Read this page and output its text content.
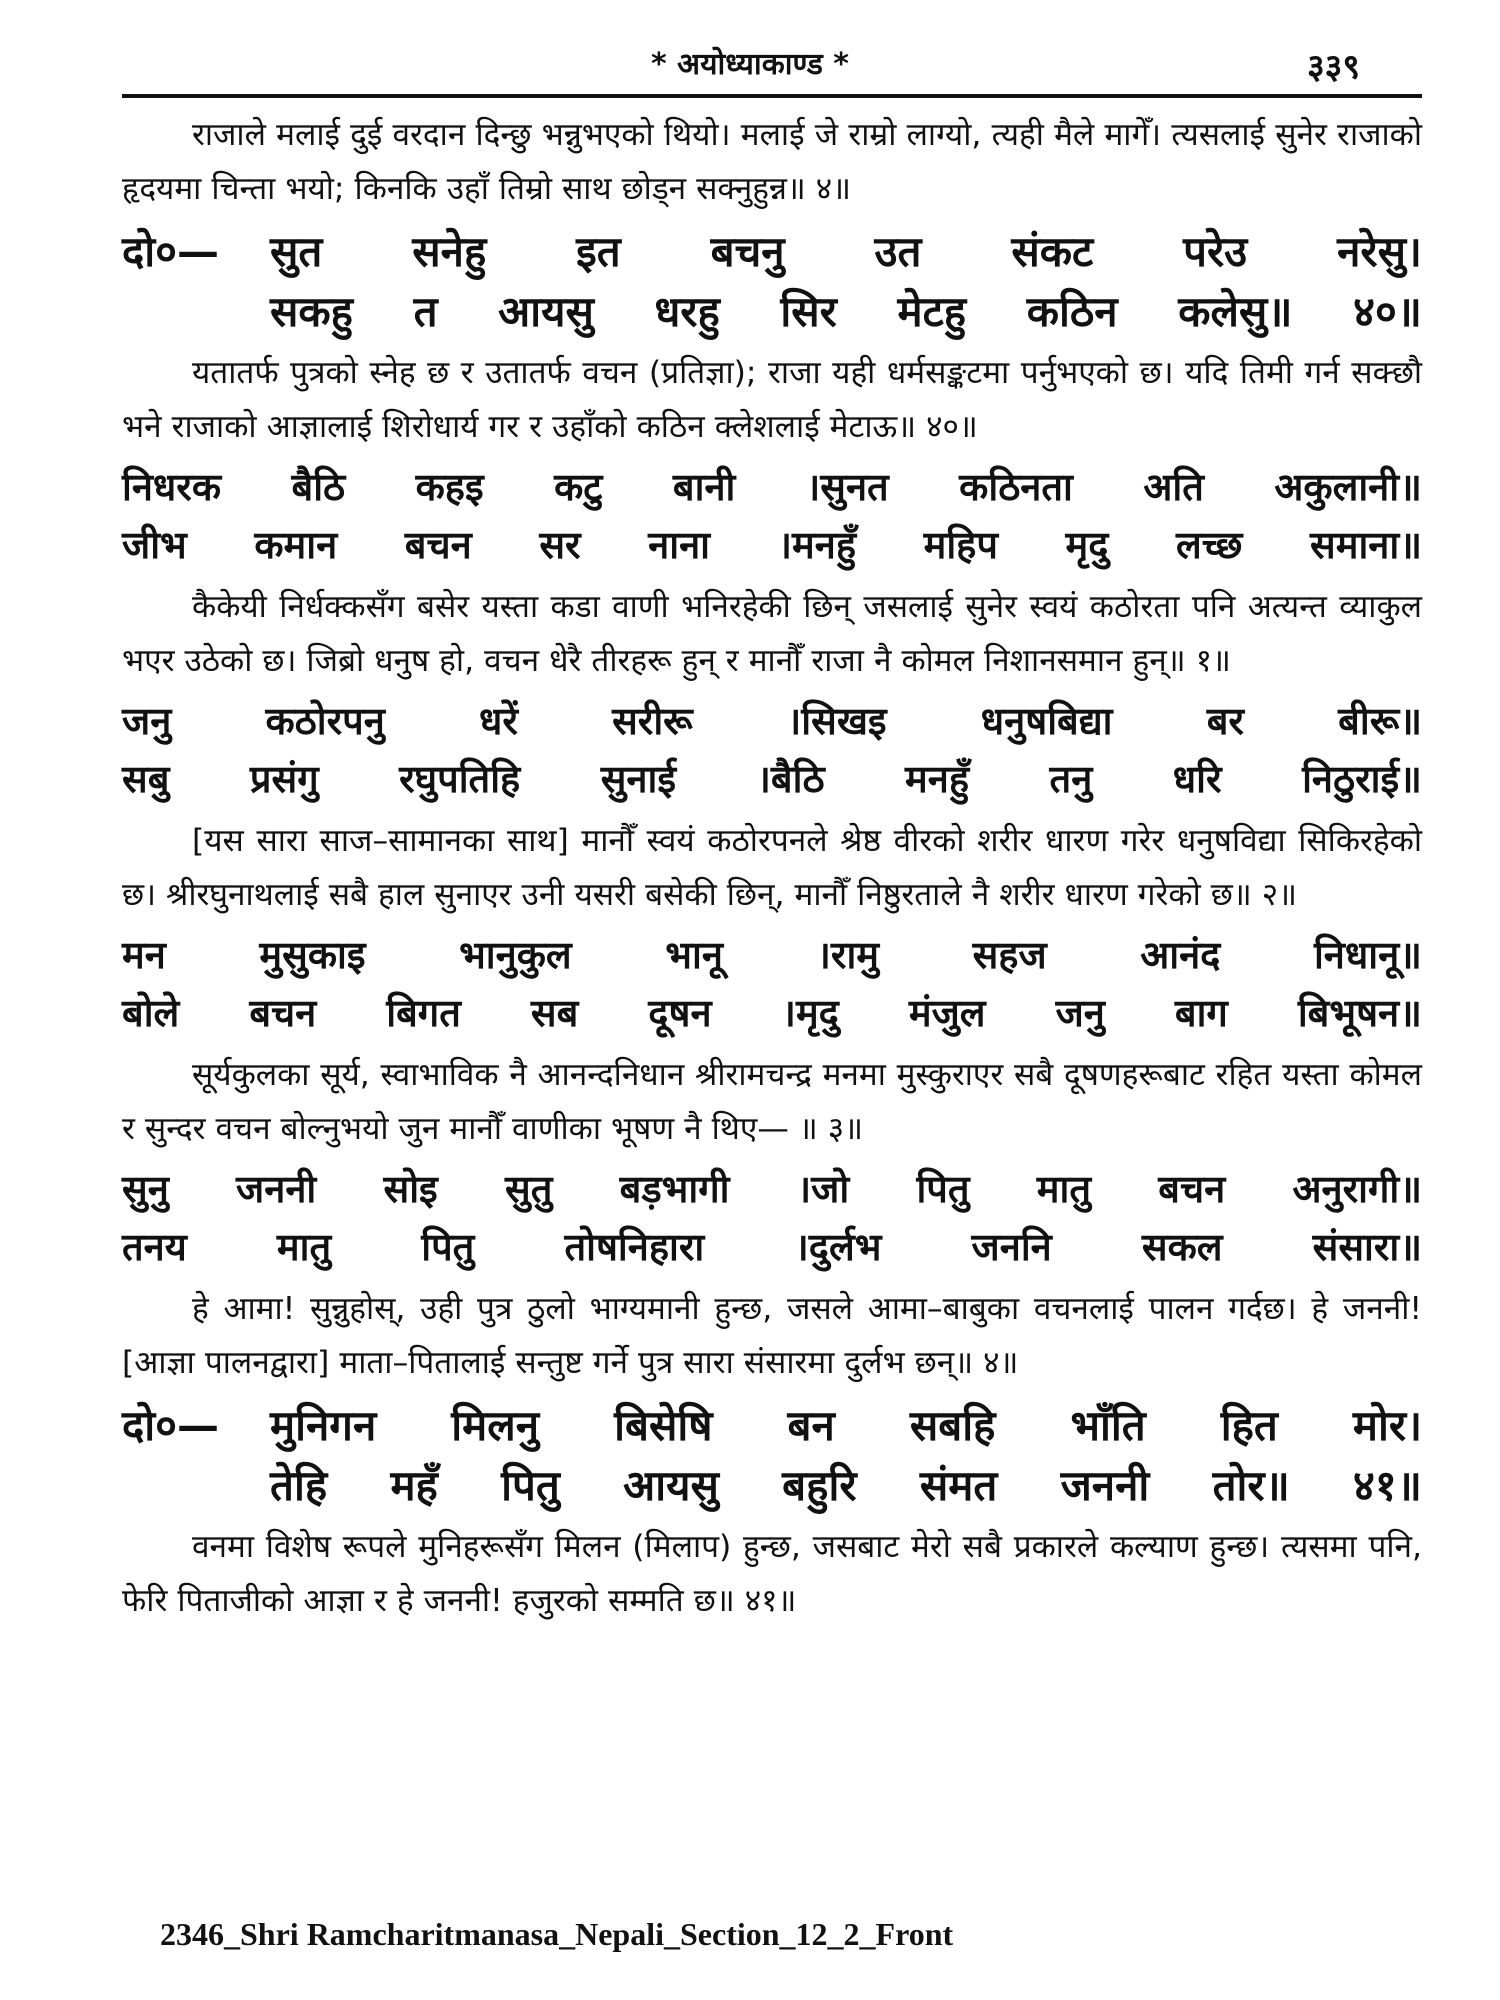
* अयोध्याकाण्ड *	३३९

राजाले मलाई दुई वरदान दिन्छु भन्नुभएको थियो। मलाई जे राम्रो लाग्यो, त्यही मैले मागेँ। त्यसलाई सुनेर राजाको हृदयमा चिन्ता भयो; किनकि उहाँ तिम्रो साथ छोड्न सक्नुहुन्न॥ ४॥

दो०—	सुत सनेहु इत बचनु उत संकट परेउ नरेसु।
सकहु त आयसु धरहु सिर मेटहु कठिन कलेसु॥ ४०॥

यतातर्फ पुत्रको स्नेह छ र उतातर्फ वचन (प्रतिज्ञा); राजा यही धर्मसङ्कटमा पर्नुभएको छ। यदि तिमी गर्न सक्छौ भने राजाको आज्ञालाई शिरोधार्य गर र उहाँको कठिन क्लेशलाई मेटाऊ॥ ४०॥

निधरक बैठि कहइ कटु बानी ।सुनत कठिनता अति अकुलानी॥
जीभ कमान बचन सर नाना ।मनहुँ महिप मृदु लच्छ समाना॥

कैकेयी निर्धक्कसँग बसेर यस्ता कडा वाणी भनिरहेकी छिन् जसलाई सुनेर स्वयं कठोरता पनि अत्यन्त व्याकुल भएर उठेको छ। जिब्रो धनुष हो, वचन धेरै तीरहरू हुन् र मानौँ राजा नै कोमल निशानसमान हुन्॥ १॥

जनु कठोरपनु धरें सरीरू ।सिखइ धनुषबिद्या बर बीरू॥
सबु प्रसंगु रघुपतिहि सुनाई ।बैठि मनहुँ तनु धरि निठुराई॥

[यस सारा साज–सामानका साथ] मानौँ स्वयं कठोरपनले श्रेष्ठ वीरको शरीर धारण गरेर धनुषविद्या सिकिरहेको छ। श्रीरघुनाथलाई सबै हाल सुनाएर उनी यसरी बसेकी छिन्, मानौँ निष्ठुरताले नै शरीर धारण गरेको छ॥ २॥

मन मुसुकाइ भानुकुल भानू ।रामु सहज आनंद निधानू॥
बोले बचन बिगत सब दूषन ।मृदु मंजुल जनु बाग बिभूषन॥

सूर्यकुलका सूर्य, स्वाभाविक नै आनन्दनिधान श्रीरामचन्द्र मनमा मुस्कुराएर सबै दूषणहरूबाट रहित यस्ता कोमल र सुन्दर वचन बोल्नुभयो जुन मानौँ वाणीका भूषण नै थिए— ॥ ३॥

सुनु जननी सोइ सुतु बड़भागी ।जो पितु मातु बचन अनुरागी॥
तनय मातु पितु तोषनिहारा ।दुर्लभ जननि सकल संसारा॥

हे आमा! सुन्नुहोस्, उही पुत्र ठुलो भाग्यमानी हुन्छ, जसले आमा–बाबुका वचनलाई पालन गर्दछ। हे जननी! [आज्ञा पालनद्वारा] माता–पितालाई सन्तुष्ट गर्ने पुत्र सारा संसारमा दुर्लभ छन्॥ ४॥

दो०—	मुनिगन मिलनु बिसेषि बन सबहि भाँति हित मोर।
तेहि महँ पितु आयसु बहुरि संमत जननी तोर॥ ४१॥

वनमा विशेष रूपले मुनिहरूसँग मिलन (मिलाप) हुन्छ, जसबाट मेरो सबै प्रकारले कल्याण हुन्छ। त्यसमा पनि, फेरि पिताजीको आज्ञा र हे जननी! हजुरको सम्मति छ॥ ४१॥

2346_Shri Ramcharitmanasa_Nepali_Section_12_2_Front
